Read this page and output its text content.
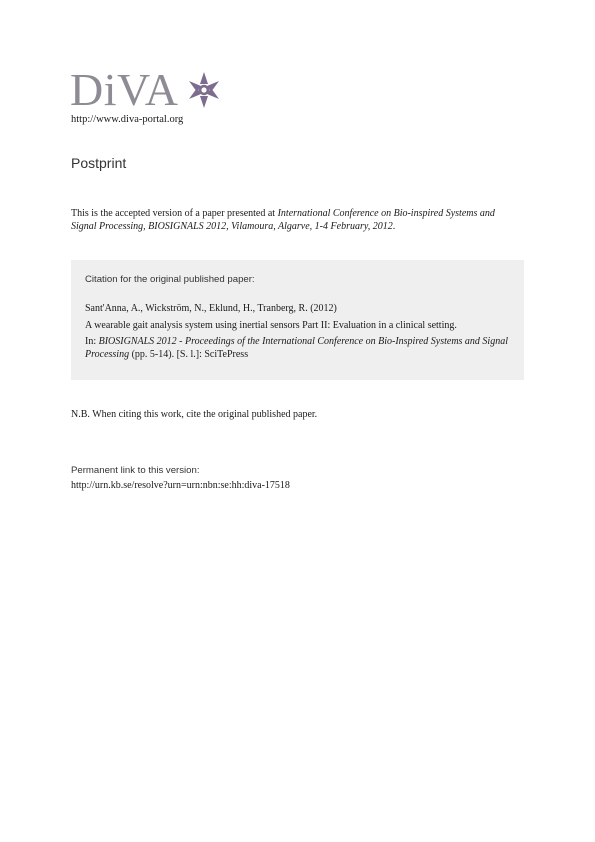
DiVA
http://www.diva-portal.org
Postprint
This is the accepted version of a paper presented at International Conference on Bio-inspired Systems and Signal Processing, BIOSIGNALS 2012, Vilamoura, Algarve, 1-4 February, 2012.
Citation for the original published paper:
Sant'Anna, A., Wickström, N., Eklund, H., Tranberg, R. (2012)
A wearable gait analysis system using inertial sensors Part II: Evaluation in a clinical setting.
In: BIOSIGNALS 2012 - Proceedings of the International Conference on Bio-Inspired Systems and Signal Processing (pp. 5-14). [S. l.]: SciTePress
N.B. When citing this work, cite the original published paper.
Permanent link to this version:
http://urn.kb.se/resolve?urn=urn:nbn:se:hh:diva-17518
